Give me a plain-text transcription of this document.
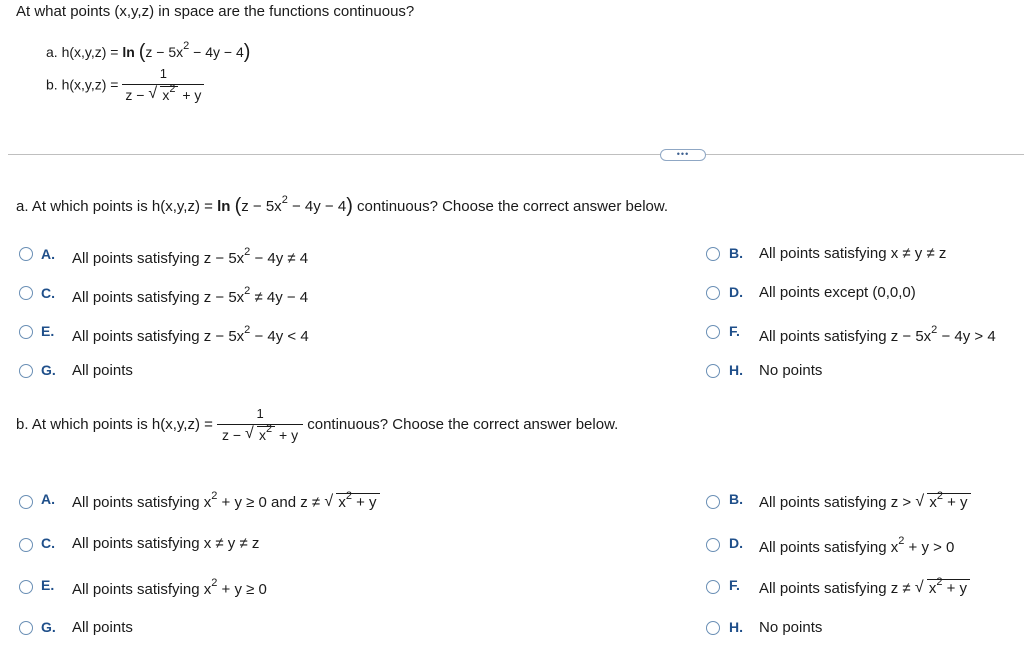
At what points (x,y,z) in space are the functions continuous?
a. $h(x,y,z) = \ln (z - 5x^2 - 4y - 4)$
b. $h(x,y,z) = \frac{1}{z - √ x^2 + y}$
•••
a. At which points is $h(x,y,z) = \ln (z - 5x^2 - 4y - 4)$ continuous? Choose the correct answer below.
A. All points satisfying $z - 5x^2 - 4y \ne 4$	B. All points satisfying x ≠ y ≠ z
C. All points satisfying $z - 5x^2 \ne 4y - 4$	D. All points except (0,0,0)
E. All points satisfying $z - 5x^2 - 4y < 4$	F. All points satisfying $z - 5x^2 - 4y > 4$
G. All points	H. No points
b. At which points is $h(x,y,z) = \frac{1}{z - √ x^2 + y}$ continuous? Choose the correct answer below.
A. All points satisfying $x^2 + y \ge 0$ and z ≠ √ $x^2 + y$	B. All points satisfying z > √ $x^2 + y$
C. All points satisfying x ≠ y ≠ z	D. All points satisfying $x^2 + y > 0$
E. All points satisfying $x^2 + y \ge 0$	F. All points satisfying z ≠ √ $x^2 + y$
G. All points	H. No points
